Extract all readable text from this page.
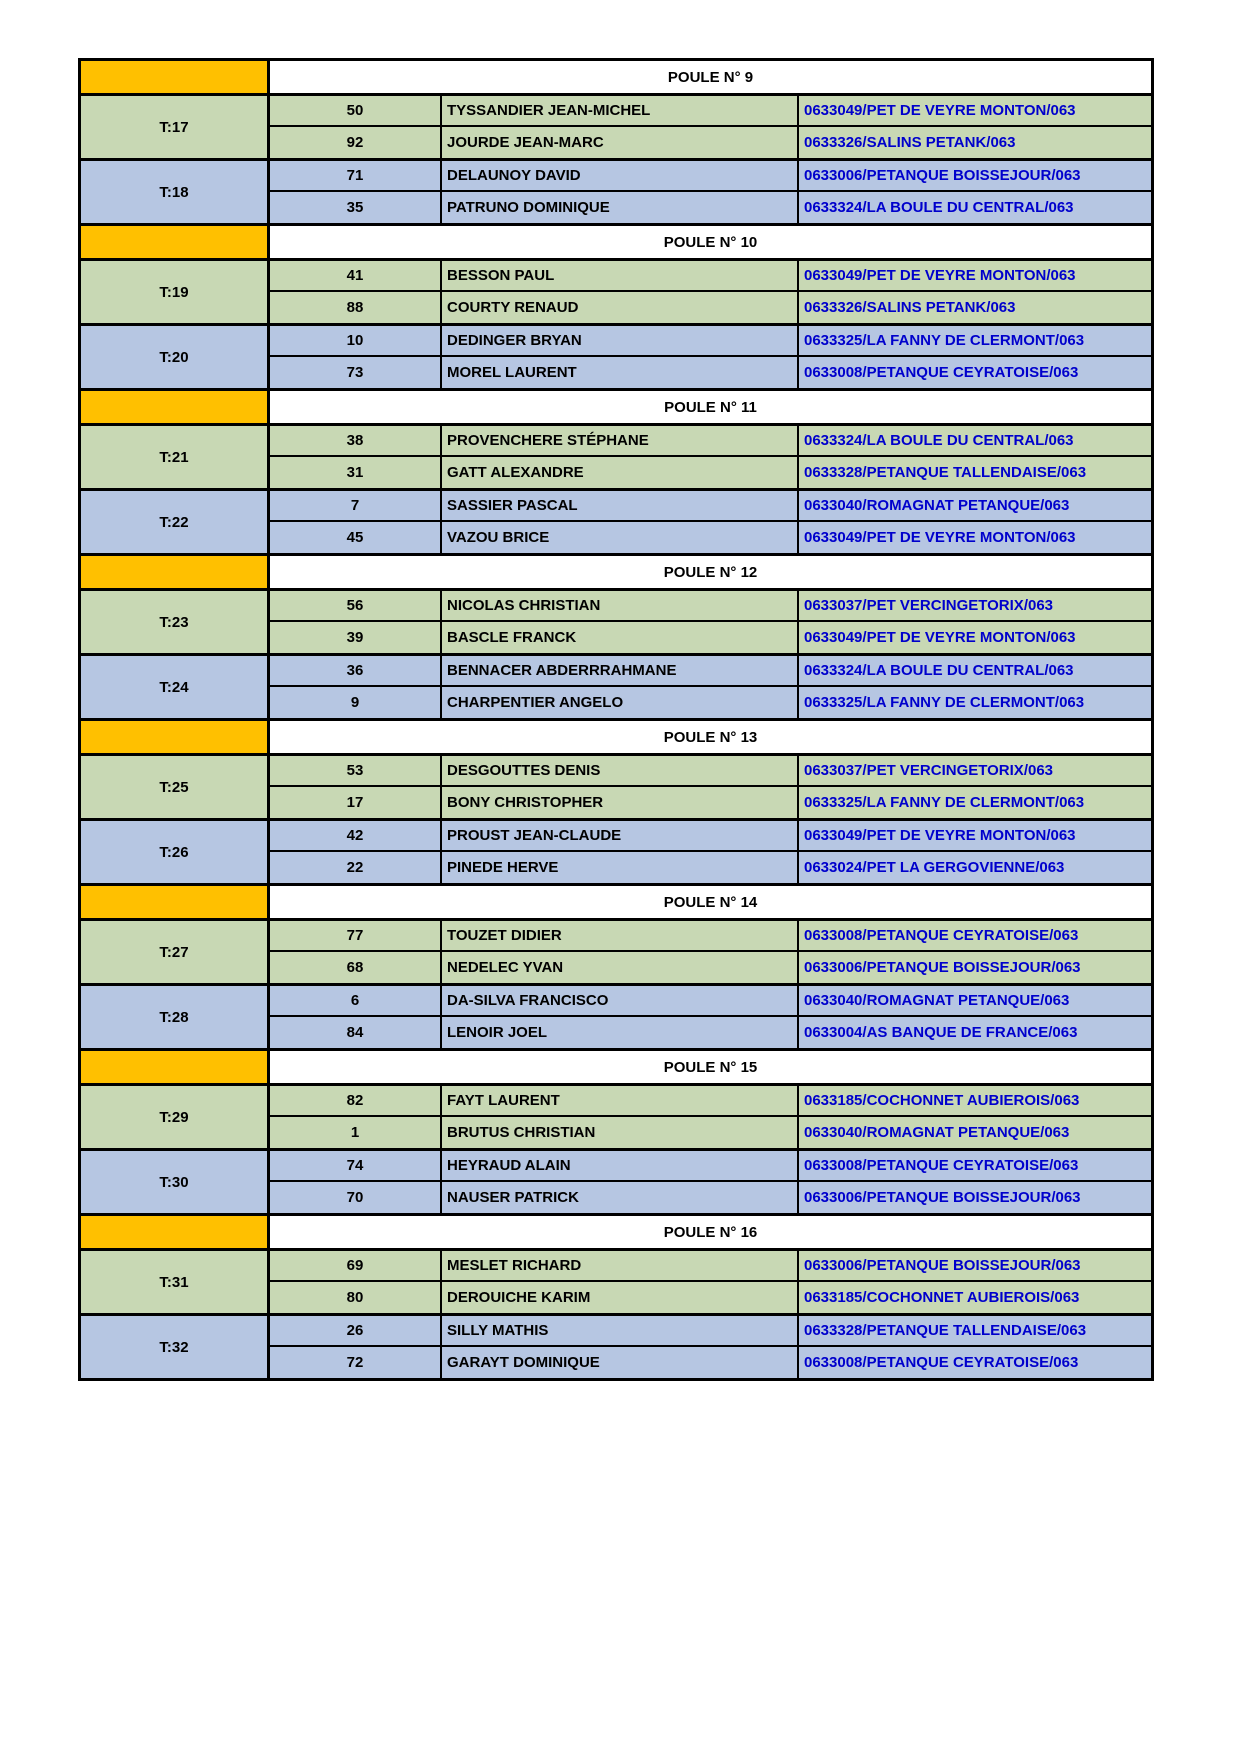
POULE N° 9
T:17
50	TYSSANDIER JEAN-MICHEL	0633049/PET DE VEYRE MONTON/063
92	JOURDE JEAN-MARC	0633326/SALINS PETANK/063
T:18
71	DELAUNOY DAVID	0633006/PETANQUE BOISSEJOUR/063
35	PATRUNO DOMINIQUE	0633324/LA BOULE DU CENTRAL/063
POULE N° 10
T:19
41	BESSON PAUL	0633049/PET DE VEYRE MONTON/063
88	COURTY RENAUD	0633326/SALINS PETANK/063
T:20
10	DEDINGER BRYAN	0633325/LA FANNY DE CLERMONT/063
73	MOREL LAURENT	0633008/PETANQUE CEYRATOISE/063
POULE N° 11
T:21
38	PROVENCHERE STÉPHANE	0633324/LA BOULE DU CENTRAL/063
31	GATT ALEXANDRE	0633328/PETANQUE TALLENDAISE/063
T:22
7	SASSIER PASCAL	0633040/ROMAGNAT PETANQUE/063
45	VAZOU BRICE	0633049/PET DE VEYRE MONTON/063
POULE N° 12
T:23
56	NICOLAS CHRISTIAN	0633037/PET VERCINGETORIX/063
39	BASCLE FRANCK	0633049/PET DE VEYRE MONTON/063
T:24
36	BENNACER ABDERRRAHMANE	0633324/LA BOULE DU CENTRAL/063
9	CHARPENTIER ANGELO	0633325/LA FANNY DE CLERMONT/063
POULE N° 13
T:25
53	DESGOUTTES DENIS	0633037/PET VERCINGETORIX/063
17	BONY CHRISTOPHER	0633325/LA FANNY DE CLERMONT/063
T:26
42	PROUST JEAN-CLAUDE	0633049/PET DE VEYRE MONTON/063
22	PINEDE HERVE	0633024/PET LA GERGOVIENNE/063
POULE N° 14
T:27
77	TOUZET DIDIER	0633008/PETANQUE CEYRATOISE/063
68	NEDELEC YVAN	0633006/PETANQUE BOISSEJOUR/063
T:28
6	DA-SILVA FRANCISCO	0633040/ROMAGNAT PETANQUE/063
84	LENOIR JOEL	0633004/AS BANQUE DE FRANCE/063
POULE N° 15
T:29
82	FAYT LAURENT	0633185/COCHONNET AUBIEROIS/063
1	BRUTUS CHRISTIAN	0633040/ROMAGNAT PETANQUE/063
T:30
74	HEYRAUD ALAIN	0633008/PETANQUE CEYRATOISE/063
70	NAUSER PATRICK	0633006/PETANQUE BOISSEJOUR/063
POULE N° 16
T:31
69	MESLET RICHARD	0633006/PETANQUE BOISSEJOUR/063
80	DEROUICHE KARIM	0633185/COCHONNET AUBIEROIS/063
T:32
26	SILLY MATHIS	0633328/PETANQUE TALLENDAISE/063
72	GARAYT DOMINIQUE	0633008/PETANQUE CEYRATOISE/063
